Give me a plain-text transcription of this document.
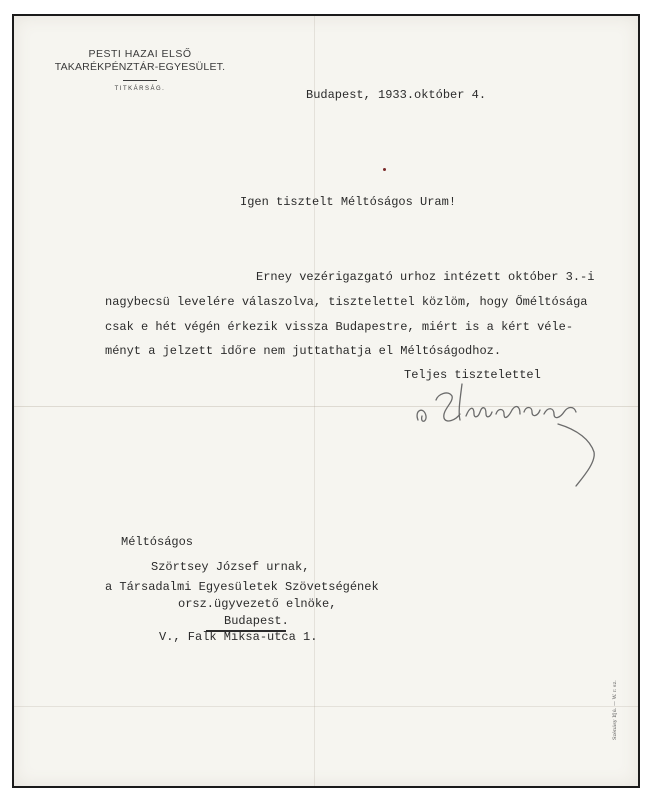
PESTI HAZAI ELSŐ
TAKARÉKPÉNZTÁR-EGYESÜLET.
TITKÁRSÁG.	Budapest, 1933.október 4.
Igen tisztelt Méltóságos Uram!
Erney vezérigazgató urhoz intézett október 3.-i
nagybecsü levelére válaszolva, tisztelettel közlöm, hogy Őméltósága
csak e hét végén érkezik vissza Budapestre, miért is a kért véle-
ményt a jelzett időre nem juttathatja el Méltóságodhoz.
Teljes tisztelettel
Méltóságos
Szörtsey József urnak,
a Társadalmi Egyesületek Szövetségének
orsz.ügyvezető elnöke,
Budapest.
V., Falk Miksa-utca 1.
Szénásy Ifjú. — W. r. sz.
